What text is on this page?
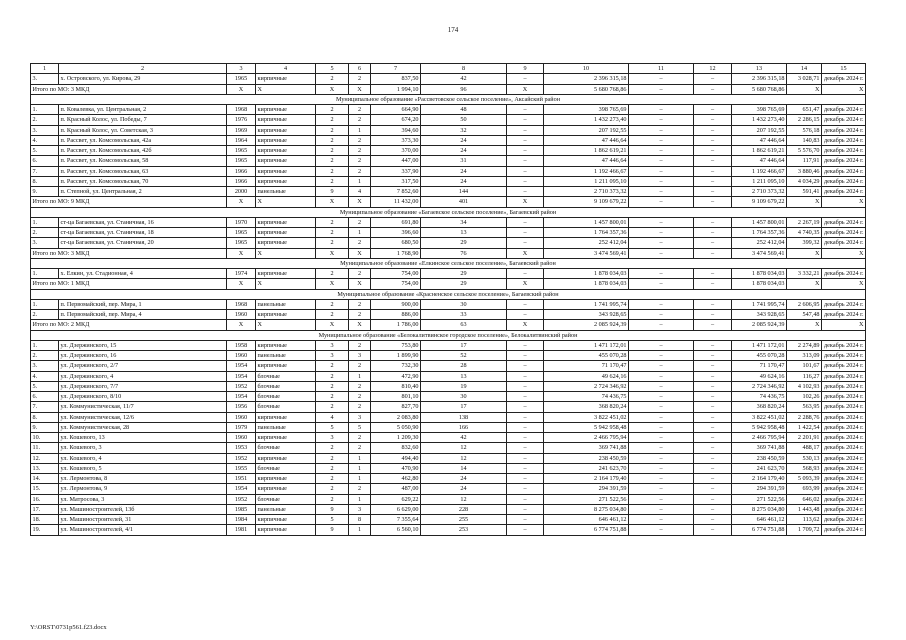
174
1	2	3	4	5	6	7	8	9	10	11	12	13	14	15
3.	х. Островского, ул. Кирова, 29	1965	кирпичные	2	2	837,50	42	–	2 396 315,18	–	–	2 396 315,18	3 028,71	декабрь 2024 г.
Итого по МО: 3 МКД		X	X	X	X	1 994,10	96	X	5 680 768,86	–	–	5 680 768,86	X	X
Муниципальное образование «Рассветовское сельское поселение», Аксайский район														
1.	п. Ковалевка, ул. Центральная, 2	1968	кирпичные	2	2	664,90	48	–	398 765,69	–	–	398 765,69	651,47	декабрь 2024 г.
2.	п. Красный Колос, ул. Победы, 7	1976	кирпичные	2	2	674,20	50	–	1 432 273,40	–	–	1 432 273,40	2 286,15	декабрь 2024 г.
3.	п. Красный Колос, ул. Советская, 3	1969	кирпичные	2	1	394,60	32	–	207 192,55	–	–	207 192,55	576,18	декабрь 2024 г.
4.	п. Рассвет, ул. Комсомольская, 42а	1964	кирпичные	2	2	373,30	24	–	47 446,64	–	–	47 446,64	140,83	декабрь 2024 г.
5.	п. Рассвет, ул. Комсомольская, 42б	1965	кирпичные	2	2	370,00	24	–	1 862 619,21	–	–	1 862 619,21	5 576,70	декабрь 2024 г.
6.	п. Рассвет, ул. Комсомольская, 58	1965	кирпичные	2	2	447,00	31	–	47 446,64	–	–	47 446,64	117,91	декабрь 2024 г.
7.	п. Рассвет, ул. Комсомольская, 63	1966	кирпичные	2	2	337,90	24	–	1 192 466,67	–	–	1 192 466,67	3 880,46	декабрь 2024 г.
8.	п. Рассвет, ул. Комсомольская, 70	1966	кирпичные	2	1	317,50	24	–	1 211 095,10	–	–	1 211 095,10	4 034,29	декабрь 2024 г.
9.	п. Степной, ул. Центральная, 2	2000	панельные	9	4	7 852,60	144	–	2 710 373,32	–	–	2 710 373,32	591,41	декабрь 2024 г.
Итого по МО: 9 МКД		X	X	X	X	11 432,00	401	X	9 109 679,22	–	–	9 109 679,22	X	X
Муниципальное образование «Багаевское сельское поселение», Багаевский район														
1.	ст-ца Багаевская, ул. Станичная, 16	1970	кирпичные	2	2	691,80	34	–	1 457 800,01	–	–	1 457 800,01	2 267,19	декабрь 2024 г.
2.	ст-ца Багаевская, ул. Станичная, 18	1965	кирпичные	2	1	396,60	13	–	1 764 357,36	–	–	1 764 357,36	4 740,35	декабрь 2024 г.
3.	ст-ца Багаевская, ул. Станичная, 20	1965	кирпичные	2	2	680,50	29	–	252 412,04	–	–	252 412,04	399,32	декабрь 2024 г.
Итого по МО: 3 МКД		X	X	X	X	1 768,90	76	X	3 474 569,41	–	–	3 474 569,41	X	X
Муниципальное образование «Елкинское сельское поселение», Багаевский район														
1.	х. Елкин, ул. Стадионная, 4	1974	кирпичные	2	2	754,00	29	–	1 878 034,03	–	–	1 878 034,03	3 332,21	декабрь 2024 г.
Итого по МО: 1 МКД		X	X	X	X	754,00	29	X	1 878 034,03	–	–	1 878 034,03	X	X
Муниципальное образование «Красненское сельское поселение», Багаевский район														
1.	п. Первомайский, пер. Мира, 1	1968	панельные	2	2	900,00	30	–	1 741 995,74	–	–	1 741 995,74	2 606,95	декабрь 2024 г.
2.	п. Первомайский, пер. Мира, 4	1960	кирпичные	2	2	886,00	33	–	343 928,65	–	–	343 928,65	547,48	декабрь 2024 г.
Итого по МО: 2 МКД		X	X	X	X	1 786,00	63	X	2 085 924,39	–	–	2 085 924,39	X	X
Муниципальное образование «Белокалитвинское городское поселение», Белокалитвинский район														
1.	ул. Дзержинского, 15	1958	кирпичные	3	2	753,80	17	–	1 471 172,01	–	–	1 471 172,01	2 274,89	декабрь 2024 г.
2.	ул. Дзержинского, 16	1960	панельные	3	3	1 899,90	52	–	455 070,28	–	–	455 070,28	313,09	декабрь 2024 г.
3.	ул. Дзержинского, 2/7	1954	кирпичные	2	2	732,30	28	–	71 170,47	–	–	71 170,47	101,67	декабрь 2024 г.
4.	ул. Дзержинского, 4	1954	блочные	2	1	472,90	13	–	49 624,16	–	–	49 624,16	116,27	декабрь 2024 г.
5.	ул. Дзержинского, 7/7	1952	блочные	2	2	810,40	19	–	2 724 346,92	–	–	2 724 346,92	4 102,93	декабрь 2024 г.
6.	ул. Дзержинского, 8/10	1954	блочные	2	2	801,10	30	–	74 436,75	–	–	74 436,75	102,26	декабрь 2024 г.
7.	ул. Коммунистическая, 11/7	1956	блочные	2	2	827,70	17	–	368 820,24	–	–	368 820,24	563,95	декабрь 2024 г.
8.	ул. Коммунистическая, 12/6	1960	кирпичные	4	3	2 083,80	138	–	3 822 451,02	–	–	3 822 451,02	2 288,76	декабрь 2024 г.
9.	ул. Коммунистическая, 28	1979	панельные	5	5	5 050,90	166	–	5 942 958,48	–	–	5 942 958,48	1 422,54	декабрь 2024 г.
10.	ул. Кошевого, 13	1960	кирпичные	3	2	1 209,30	42	–	2 466 795,94	–	–	2 466 795,94	2 201,91	декабрь 2024 г.
11.	ул. Кошевого, 3	1953	блочные	2	2	832,60	12	–	369 741,88	–	–	369 741,88	488,17	декабрь 2024 г.
12.	ул. Кошевого, 4	1952	кирпичные	2	1	494,40	12	–	238 450,59	–	–	238 450,59	530,13	декабрь 2024 г.
13.	ул. Кошевого, 5	1955	блочные	2	1	470,90	14	–	241 623,70	–	–	241 623,70	568,93	декабрь 2024 г.
14.	ул. Лермонтова, 8	1951	кирпичные	2	1	462,80	24	–	2 164 179,40	–	–	2 164 179,40	5 093,39	декабрь 2024 г.
15.	ул. Лермонтова, 9	1954	кирпичные	2	2	487,00	24	–	294 391,59	–	–	294 391,59	693,99	декабрь 2024 г.
16.	ул. Матросова, 3	1952	блочные	2	1	629,22	12	–	271 522,56	–	–	271 522,56	646,02	декабрь 2024 г.
17.	ул. Машиностроителей, 13б	1985	панельные	9	3	6 629,00	228	–	8 275 034,80	–	–	8 275 034,80	1 443,48	декабрь 2024 г.
18.	ул. Машиностроителей, 31	1984	кирпичные	5	8	7 355,64	255	–	646 461,12	–	–	646 461,12	113,62	декабрь 2024 г.
19.	ул. Машиностроителей, 4/1	1981	кирпичные	9	1	6 560,10	253	–	6 774 751,88	–	–	6 774 751,88	1 709,72	декабрь 2024 г.
Y:\ORST\0731p561.f23.docx
